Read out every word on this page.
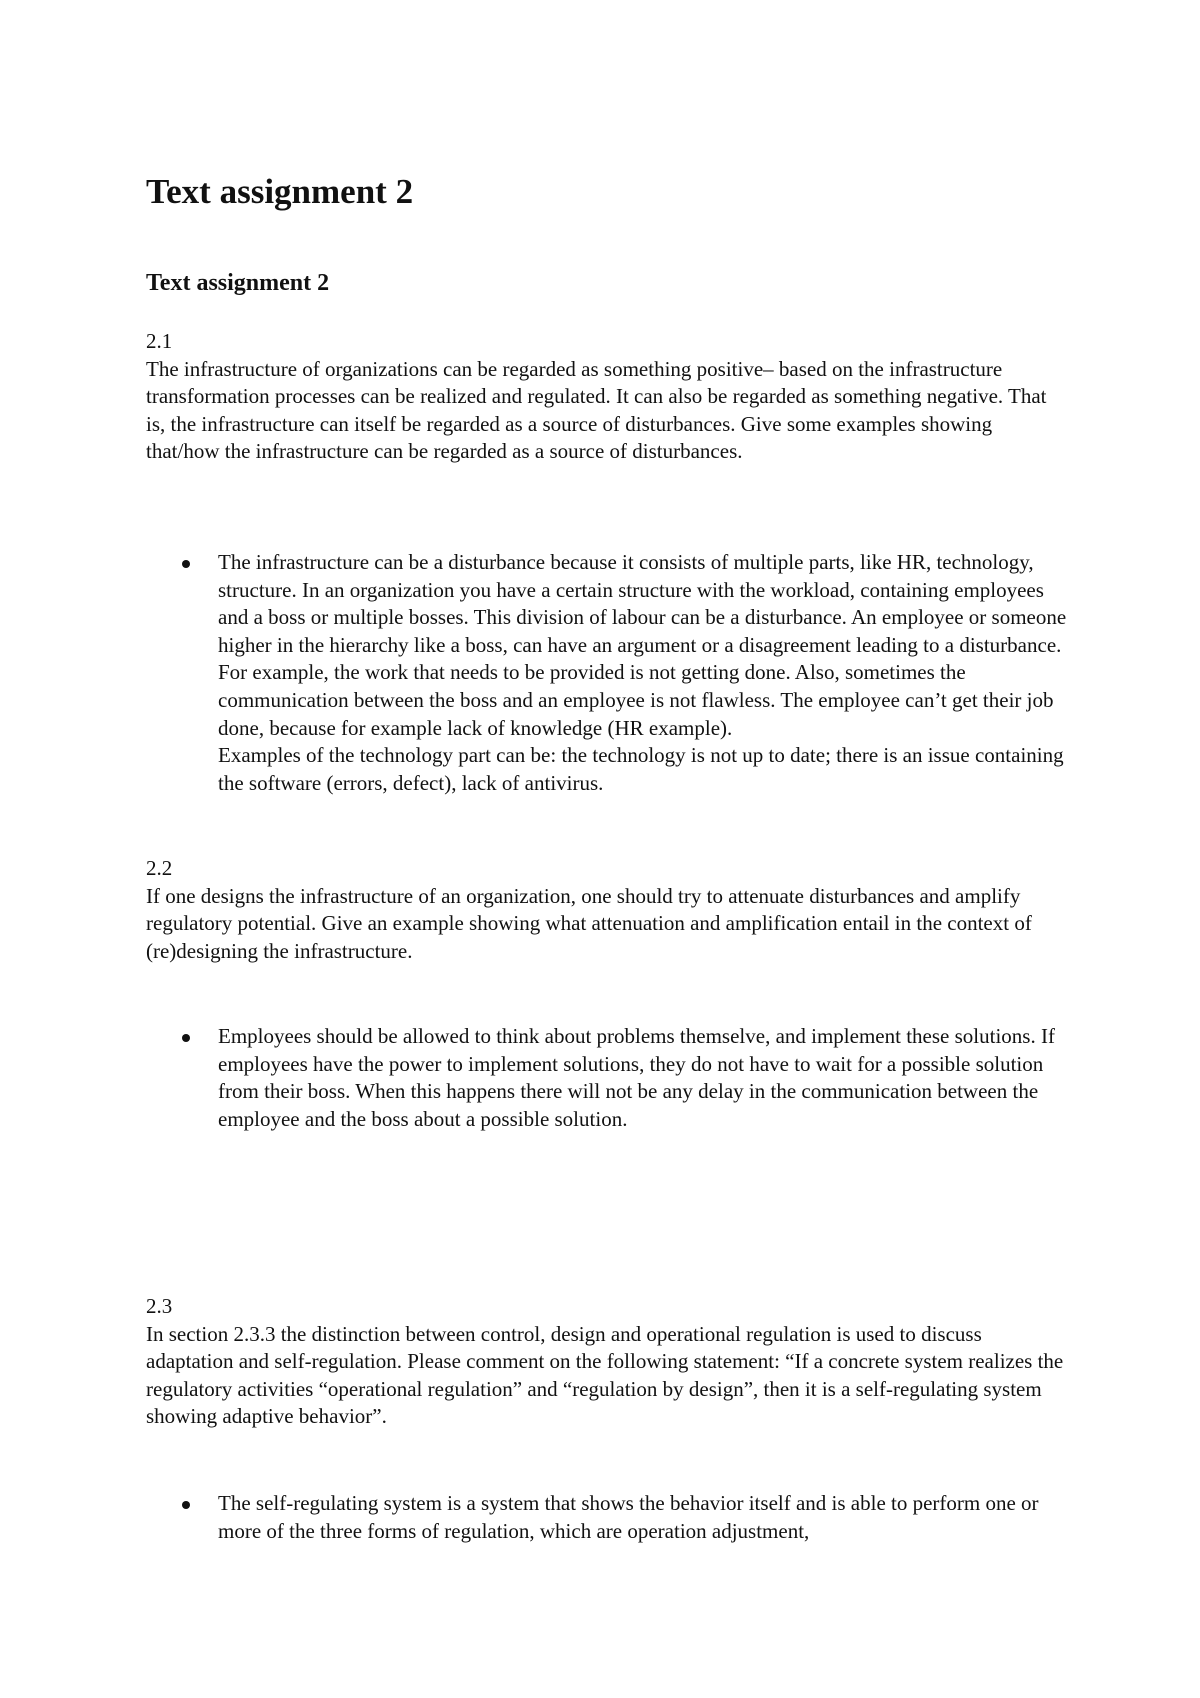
Text assignment 2
Text assignment 2

2.1

The infrastructure of organizations can be regarded as something positive– based on the infrastructure transformation processes can be realized and regulated. It can also be regarded as something negative. That is, the infrastructure can itself be regarded as a source of disturbances. Give some examples showing that/how the infrastructure can be regarded as a source of disturbances.

The infrastructure can be a disturbance because it consists of multiple parts, like HR, technology, structure. In an organization you have a certain structure with the workload, containing employees and a boss or multiple bosses. This division of labour can be a disturbance. An employee or someone higher in the hierarchy like a boss, can have an argument or a disagreement leading to a disturbance. For example, the work that needs to be provided is not getting done. Also, sometimes the communication between the boss and an employee is not flawless. The employee can’t get their job done, because for example lack of knowledge (HR example).

Examples of the technology part can be: the technology is not up to date; there is an issue containing the software (errors, defect), lack of antivirus.

2.2

If one designs the infrastructure of an organization, one should try to attenuate disturbances and amplify regulatory potential. Give an example showing what attenuation and amplification entail in the context of (re)designing the infrastructure.

Employees should be allowed to think about problems themselve, and implement these solutions. If employees have the power to implement solutions, they do not have to wait for a possible solution from their boss. When this happens there will not be any delay in the communication between the employee and the boss about a possible solution.

2.3

In section 2.3.3 the distinction between control, design and operational regulation is used to discuss adaptation and self-regulation. Please comment on the following statement: “If a concrete system realizes the regulatory activities “operational regulation” and “regulation by design”, then it is a self-regulating system showing adaptive behavior”.

The self-regulating system is a system that shows the behavior itself and is able to perform one or more of the three forms of regulation, which are operation adjustment,
